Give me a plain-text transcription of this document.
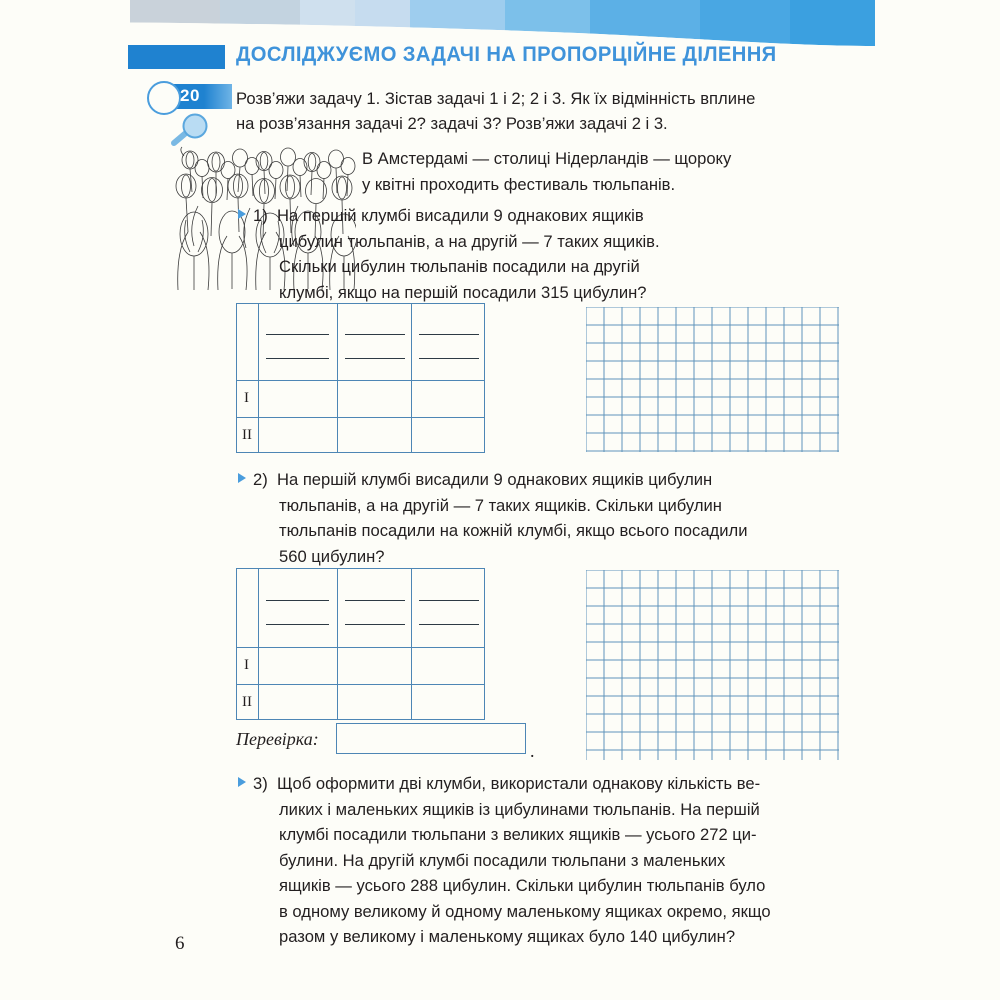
ДОСЛІДЖУЄМО ЗАДАЧІ НА ПРОПОРЦІЙНЕ ДІЛЕННЯ
20 Розв’яжи задачу 1. Зістав задачі 1 і 2; 2 і 3. Як їх відмінність вплине
на розв’язання задачі 2? задачі 3? Розв’яжи задачі 2 і 3.
В Амстердамі — столиці Нідерландів — щороку
у квітні проходить фестиваль тюльпанів.
1) На першій клумбі висадили 9 однакових ящиків
цибулин тюльпанів, а на другій — 7 таких ящиків.
Скільки цибулин тюльпанів посадили на другій
клумбі, якщо на першій посадили 315 цибулин?
I
II
2) На першій клумбі висадили 9 однакових ящиків цибулин
тюльпанів, а на другій — 7 таких ящиків. Скільки цибулин
тюльпанів посадили на кожній клумбі, якщо всього посадили
560 цибулин?
I
II
Перевірка:
.
3) Щоб оформити дві клумби, використали однакову кількість ве-
ликих і маленьких ящиків із цибулинами тюльпанів. На першій
клумбі посадили тюльпани з великих ящиків — усього 272 ци-
булини. На другій клумбі посадили тюльпани з маленьких
ящиків — усього 288 цибулин. Скільки цибулин тюльпанів було
в одному великому й одному маленькому ящиках окремо, якщо
разом у великому і маленькому ящиках було 140 цибулин?
6
